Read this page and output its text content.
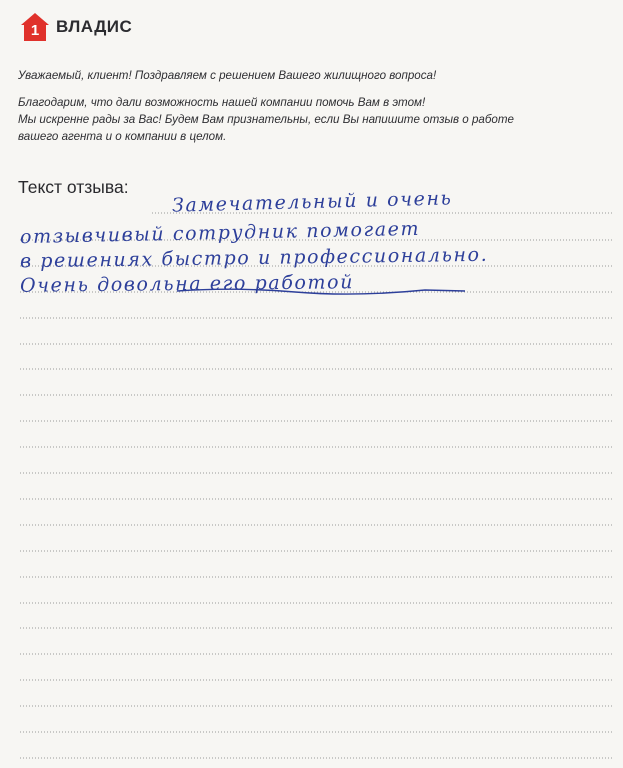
1 ВЛАДИС
Уважаемый, клиент! Поздравляем с решением Вашего жилищного вопроса!
Благодарим, что дали возможность нашей компании помочь Вам в этом!
Мы искренне рады за Вас! Будем Вам признательны, если Вы напишите отзыв о работе
вашего агента и о компании в целом.
Текст отзыва:
Замечательный и очень
отзывчивый сотрудник помогает
в решениях быстро и профессионально.
Очень довольна его работой
